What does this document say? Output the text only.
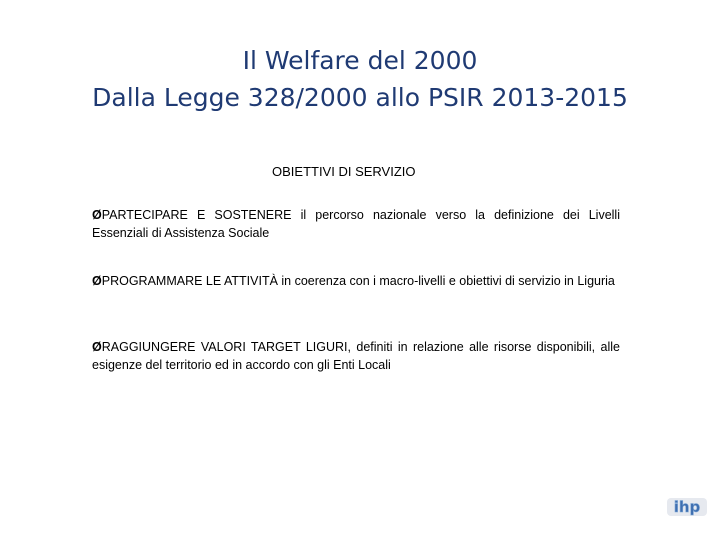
Il Welfare del 2000
Dalla Legge 328/2000 allo PSIR 2013-2015
OBIETTIVI DI SERVIZIO
ØPARTECIPARE E SOSTENERE il percorso nazionale verso la definizione dei Livelli Essenziali di Assistenza Sociale
ØPROGRAMMARE LE ATTIVITÀ in coerenza con i macro-livelli e obiettivi di servizio in Liguria
ØRAGGIUNGERE VALORI TARGET LIGURI, definiti in relazione alle risorse disponibili, alle esigenze del territorio ed in accordo con gli Enti Locali
ihp
